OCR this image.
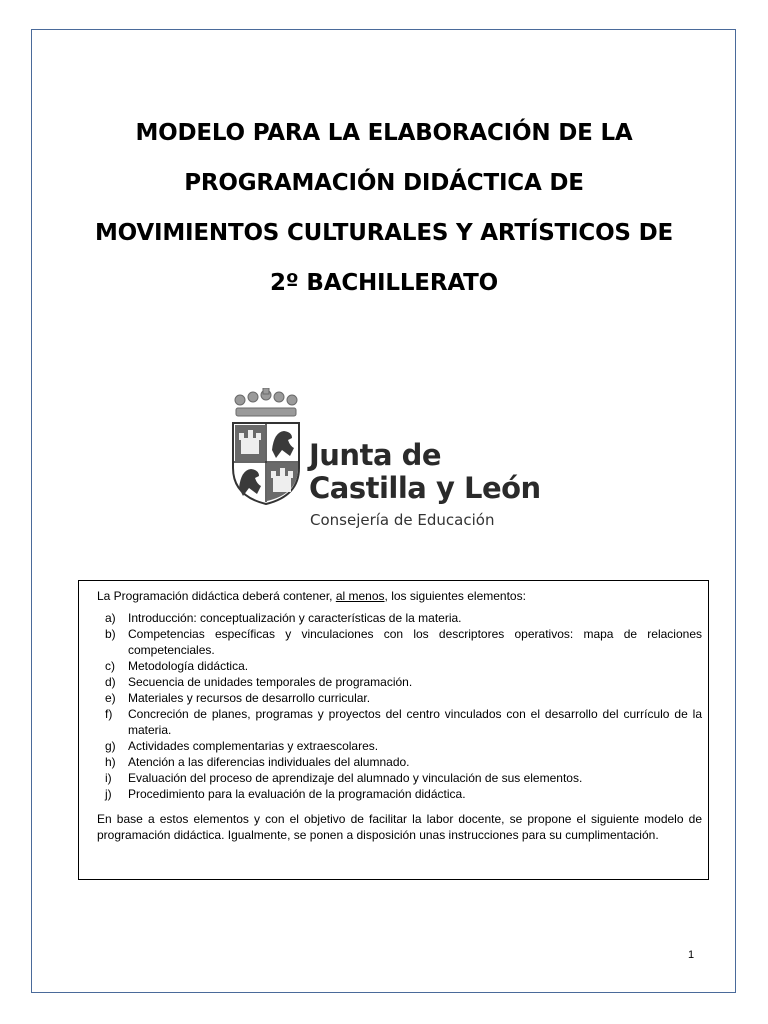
MODELO PARA LA ELABORACIÓN DE LA
PROGRAMACIÓN DIDÁCTICA DE
MOVIMIENTOS CULTURALES Y ARTÍSTICOS DE
2º BACHILLERATO
Junta de
Castilla y León
Consejería de Educación
La Programación didáctica deberá contener, al menos, los siguientes elementos:
a)	Introducción: conceptualización y características de la materia.
b)	Competencias específicas y vinculaciones con los descriptores operativos: mapa de relaciones competenciales.
c)	Metodología didáctica.
d)	Secuencia de unidades temporales de programación.
e)	Materiales y recursos de desarrollo curricular.
f)	Concreción de planes, programas y proyectos del centro vinculados con el desarrollo del currículo de la materia.
g)	Actividades complementarias y extraescolares.
h)	Atención a las diferencias individuales del alumnado.
i)	Evaluación del proceso de aprendizaje del alumnado y vinculación de sus elementos.
j)	Procedimiento para la evaluación de la programación didáctica.
En base a estos elementos y con el objetivo de facilitar la labor docente, se propone el siguiente modelo de programación didáctica. Igualmente, se ponen a disposición unas instrucciones para su cumplimentación.
1
